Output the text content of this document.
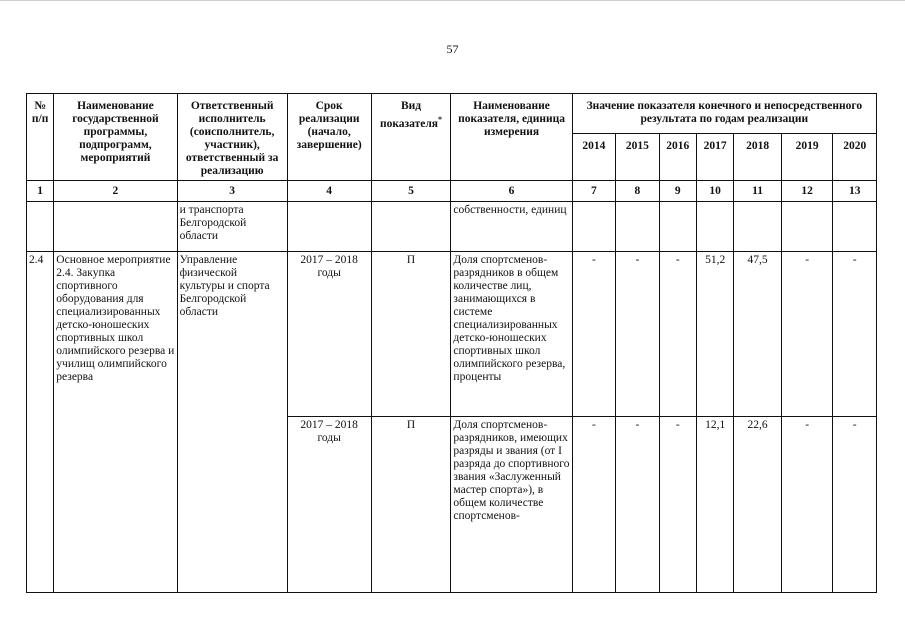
57
№ п/п	Наименование государственной программы, подпрограмм, мероприятий	Ответственный исполнитель (соисполнитель, участник), ответственный за реализацию	Срок реализации (начало, завершение)	Вид показателя*	Наименование показателя, единица измерения	Значение показателя конечного и непосредственного результата по годам реализации						
						2014	2015	2016	2017	2018	2019	2020
1	2	3	4	5	6	7	8	9	10	11	12	13
		и транспорта Белгородской области			собственности, единиц							
2.4	Основное мероприятие 2.4. Закупка спортивного оборудования для специализированных детско-юношеских спортивных школ олимпийского резерва и училищ олимпийского резерва	Управление физической культуры и спорта Белгородской области	2017 – 2018 годы	П	Доля спортсменов-разрядников в общем количестве лиц, занимающихся в системе специализированных детско-юношеских спортивных школ олимпийского резерва, проценты	-	-	-	51,2	47,5	-	-
			2017 – 2018 годы	П	Доля спортсменов-разрядников, имеющих разряды и звания (от I разряда до спортивного звания «Заслуженный мастер спорта»), в общем количестве спортсменов-	-	-	-	12,1	22,6	-	-
